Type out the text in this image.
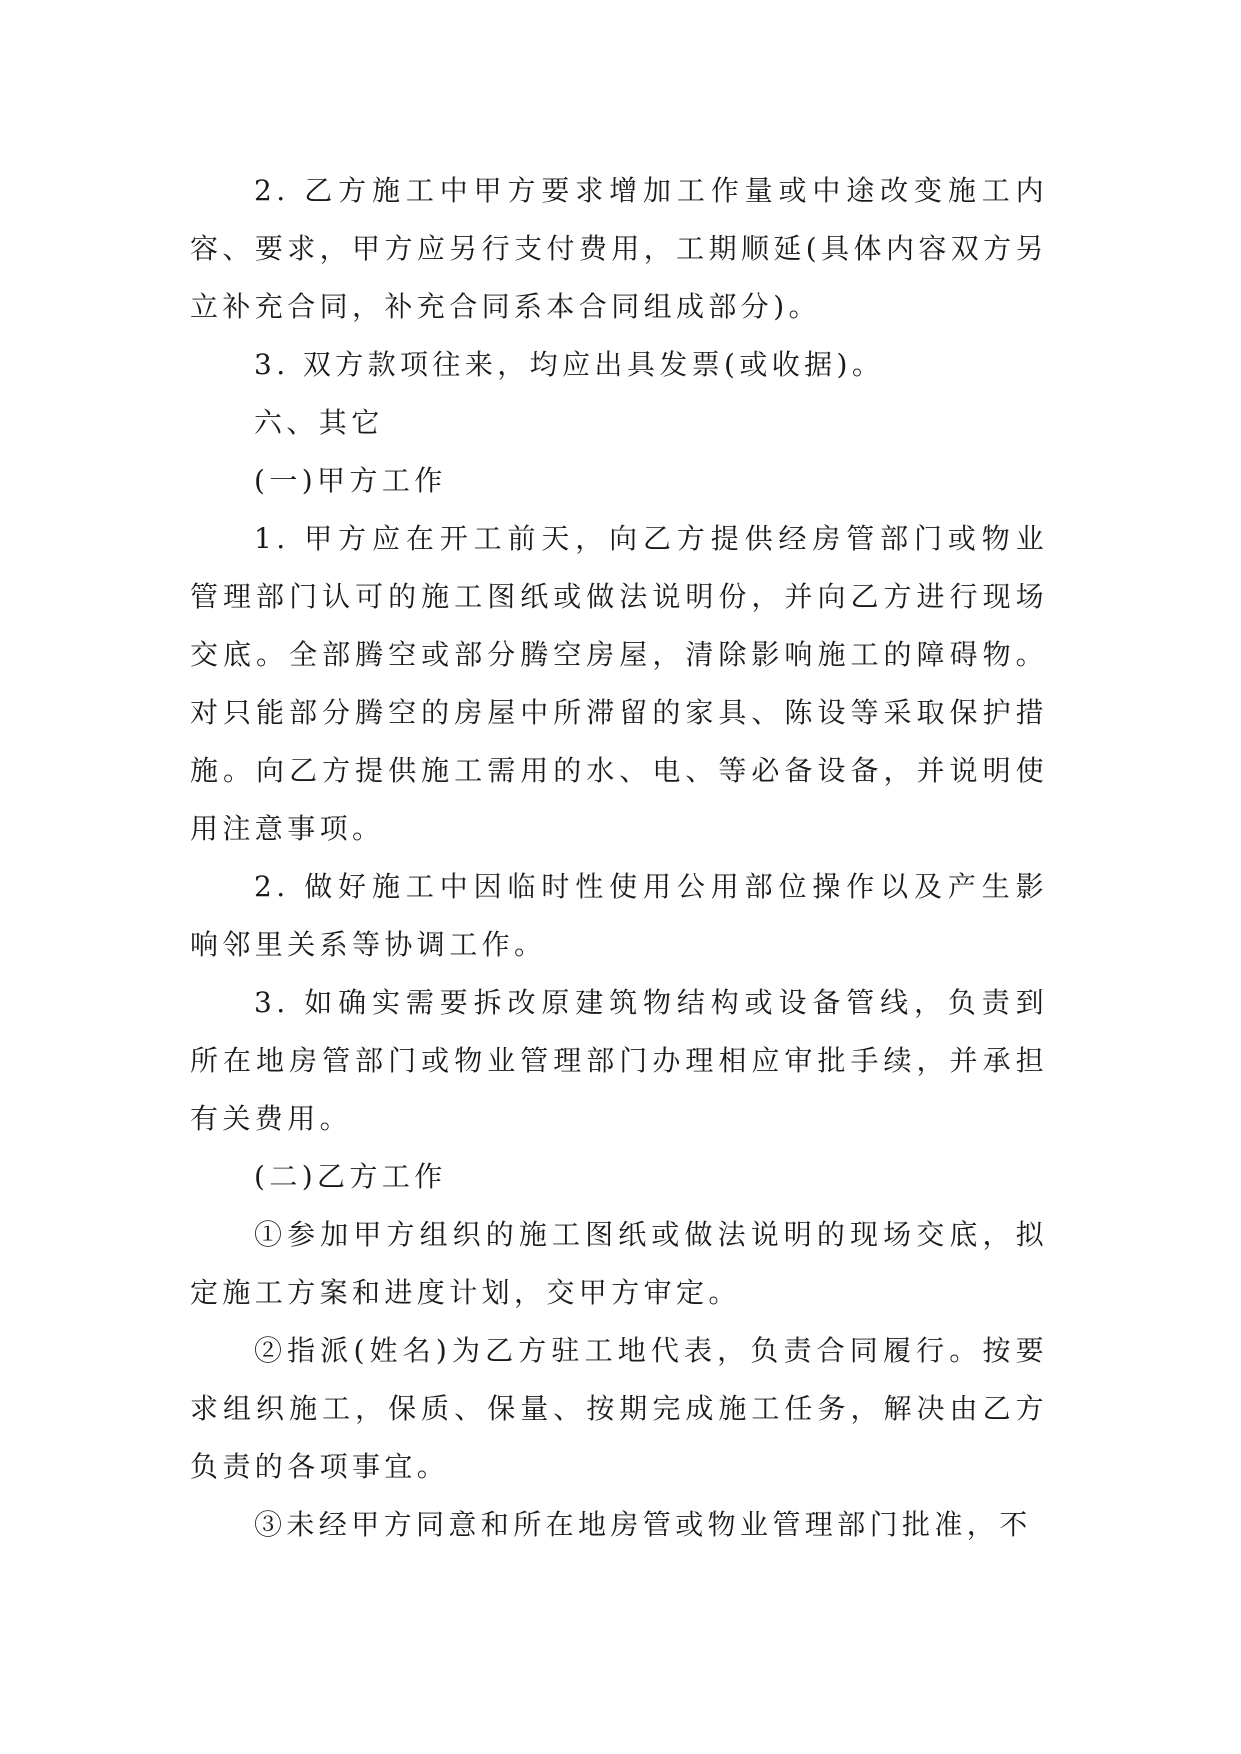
2. 乙方施工中甲方要求增加工作量或中途改变施工内容、要求，甲方应另行支付费用，工期顺延(具体内容双方另立补充合同，补充合同系本合同组成部分)。

3. 双方款项往来，均应出具发票(或收据)。

六、其它

(一)甲方工作

1. 甲方应在开工前天，向乙方提供经房管部门或物业管理部门认可的施工图纸或做法说明份，并向乙方进行现场交底。全部腾空或部分腾空房屋，清除影响施工的障碍物。对只能部分腾空的房屋中所滞留的家具、陈设等采取保护措施。向乙方提供施工需用的水、电、等必备设备，并说明使用注意事项。

2. 做好施工中因临时性使用公用部位操作以及产生影响邻里关系等协调工作。

3. 如确实需要拆改原建筑物结构或设备管线，负责到所在地房管部门或物业管理部门办理相应审批手续，并承担有关费用。

(二)乙方工作

①参加甲方组织的施工图纸或做法说明的现场交底，拟定施工方案和进度计划，交甲方审定。

②指派(姓名)为乙方驻工地代表，负责合同履行。按要求组织施工，保质、保量、按期完成施工任务，解决由乙方负责的各项事宜。

③未经甲方同意和所在地房管或物业管理部门批准，不
